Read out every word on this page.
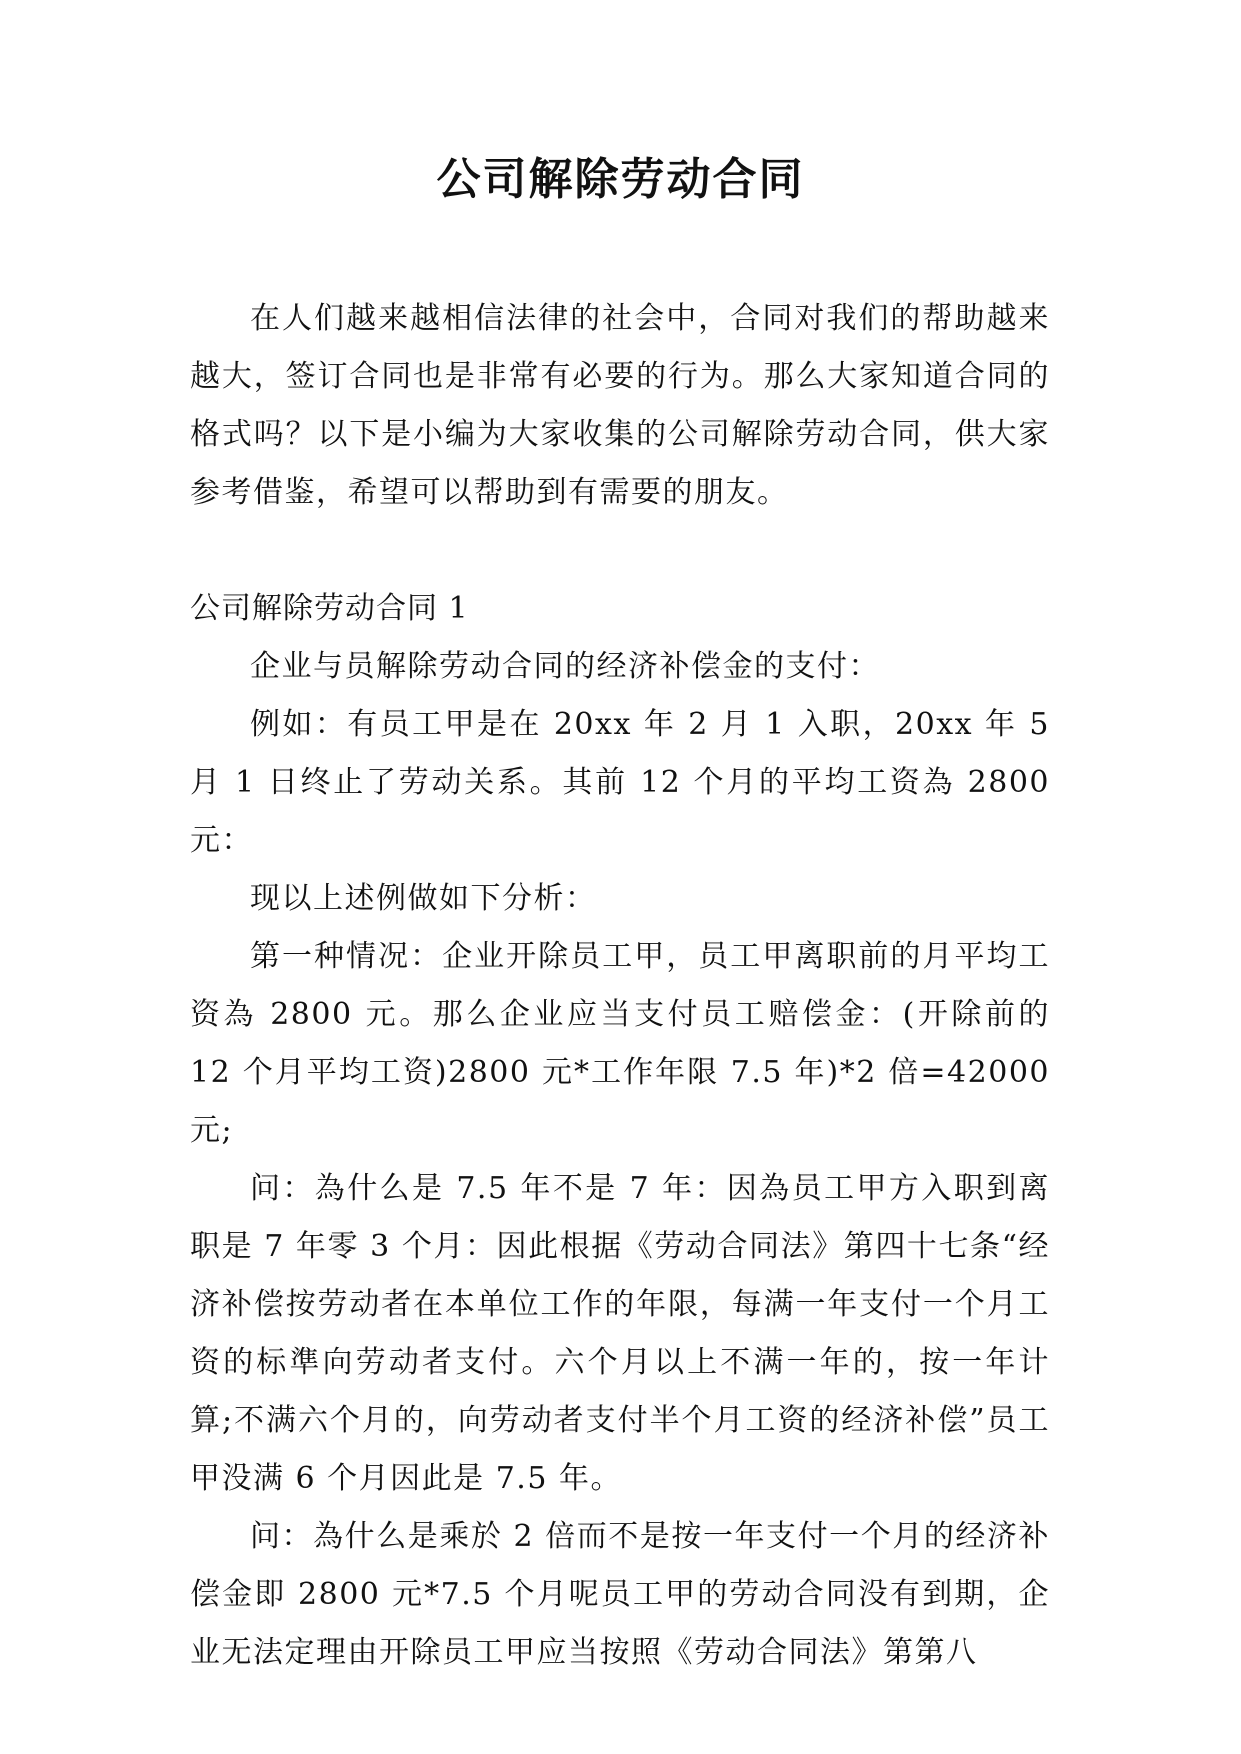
公司解除劳动合同

在人们越来越相信法律的社会中，合同对我们的帮助越来越大，签订合同也是非常有必要的行为。那么大家知道合同的格式吗？以下是小编为大家收集的公司解除劳动合同，供大家参考借鉴，希望可以帮助到有需要的朋友。

公司解除劳动合同 1

企业与员解除劳动合同的经济补偿金的支付：

例如：有员工甲是在 20xx 年 2 月 1 入职，20xx 年 5 月 1 日终止了劳动关系。其前 12 个月的平均工资為 2800 元：

现以上述例做如下分析：

第一种情况：企业开除员工甲，员工甲离职前的月平均工资為 2800 元。那么企业应当支付员工赔偿金：(开除前的 12 个月平均工资)2800 元*工作年限 7.5 年)*2 倍=42000 元;

问：為什么是 7.5 年不是 7 年：因為员工甲方入职到离职是 7 年零 3 个月：因此根据《劳动合同法》第四十七条“经济补偿按劳动者在本单位工作的年限，每满一年支付一个月工资的标準向劳动者支付。六个月以上不满一年的，按一年计算;不满六个月的，向劳动者支付半个月工资的经济补偿”员工甲没满 6 个月因此是 7.5 年。

问：為什么是乘於 2 倍而不是按一年支付一个月的经济补偿金即 2800 元*7.5 个月呢员工甲的劳动合同没有到期，企业无法定理由开除员工甲应当按照《劳动合同法》第第八
